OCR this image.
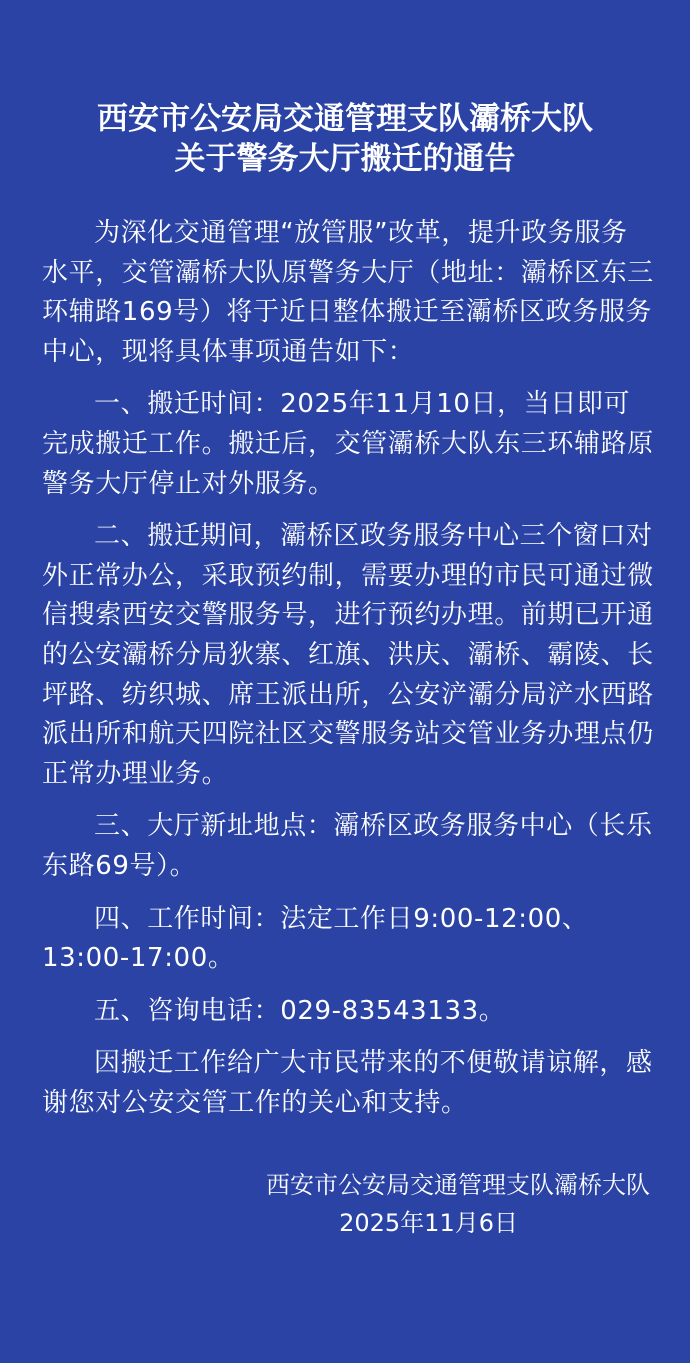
西安市公安局交通管理支队灞桥大队
关于警务大厅搬迁的通告

为深化交通管理“放管服”改革，提升政务服务水平，交管灞桥大队原警务大厅（地址：灞桥区东三环辅路169号）将于近日整体搬迁至灞桥区政务服务中心，现将具体事项通告如下：

一、搬迁时间：2025年11月10日，当日即可完成搬迁工作。搬迁后，交管灞桥大队东三环辅路原警务大厅停止对外服务。

二、搬迁期间，灞桥区政务服务中心三个窗口对外正常办公，采取预约制，需要办理的市民可通过微信搜索西安交警服务号，进行预约办理。前期已开通的公安灞桥分局狄寨、红旗、洪庆、灞桥、霸陵、长坪路、纺织城、席王派出所，公安浐灞分局浐水西路派出所和航天四院社区交警服务站交管业务办理点仍正常办理业务。

三、大厅新址地点：灞桥区政务服务中心（长乐东路69号）。

四、工作时间：法定工作日9:00-12:00、13:00-17:00。

五、咨询电话：029-83543133。

因搬迁工作给广大市民带来的不便敬请谅解，感谢您对公安交管工作的关心和支持。

西安市公安局交通管理支队灞桥大队
2025年11月6日
